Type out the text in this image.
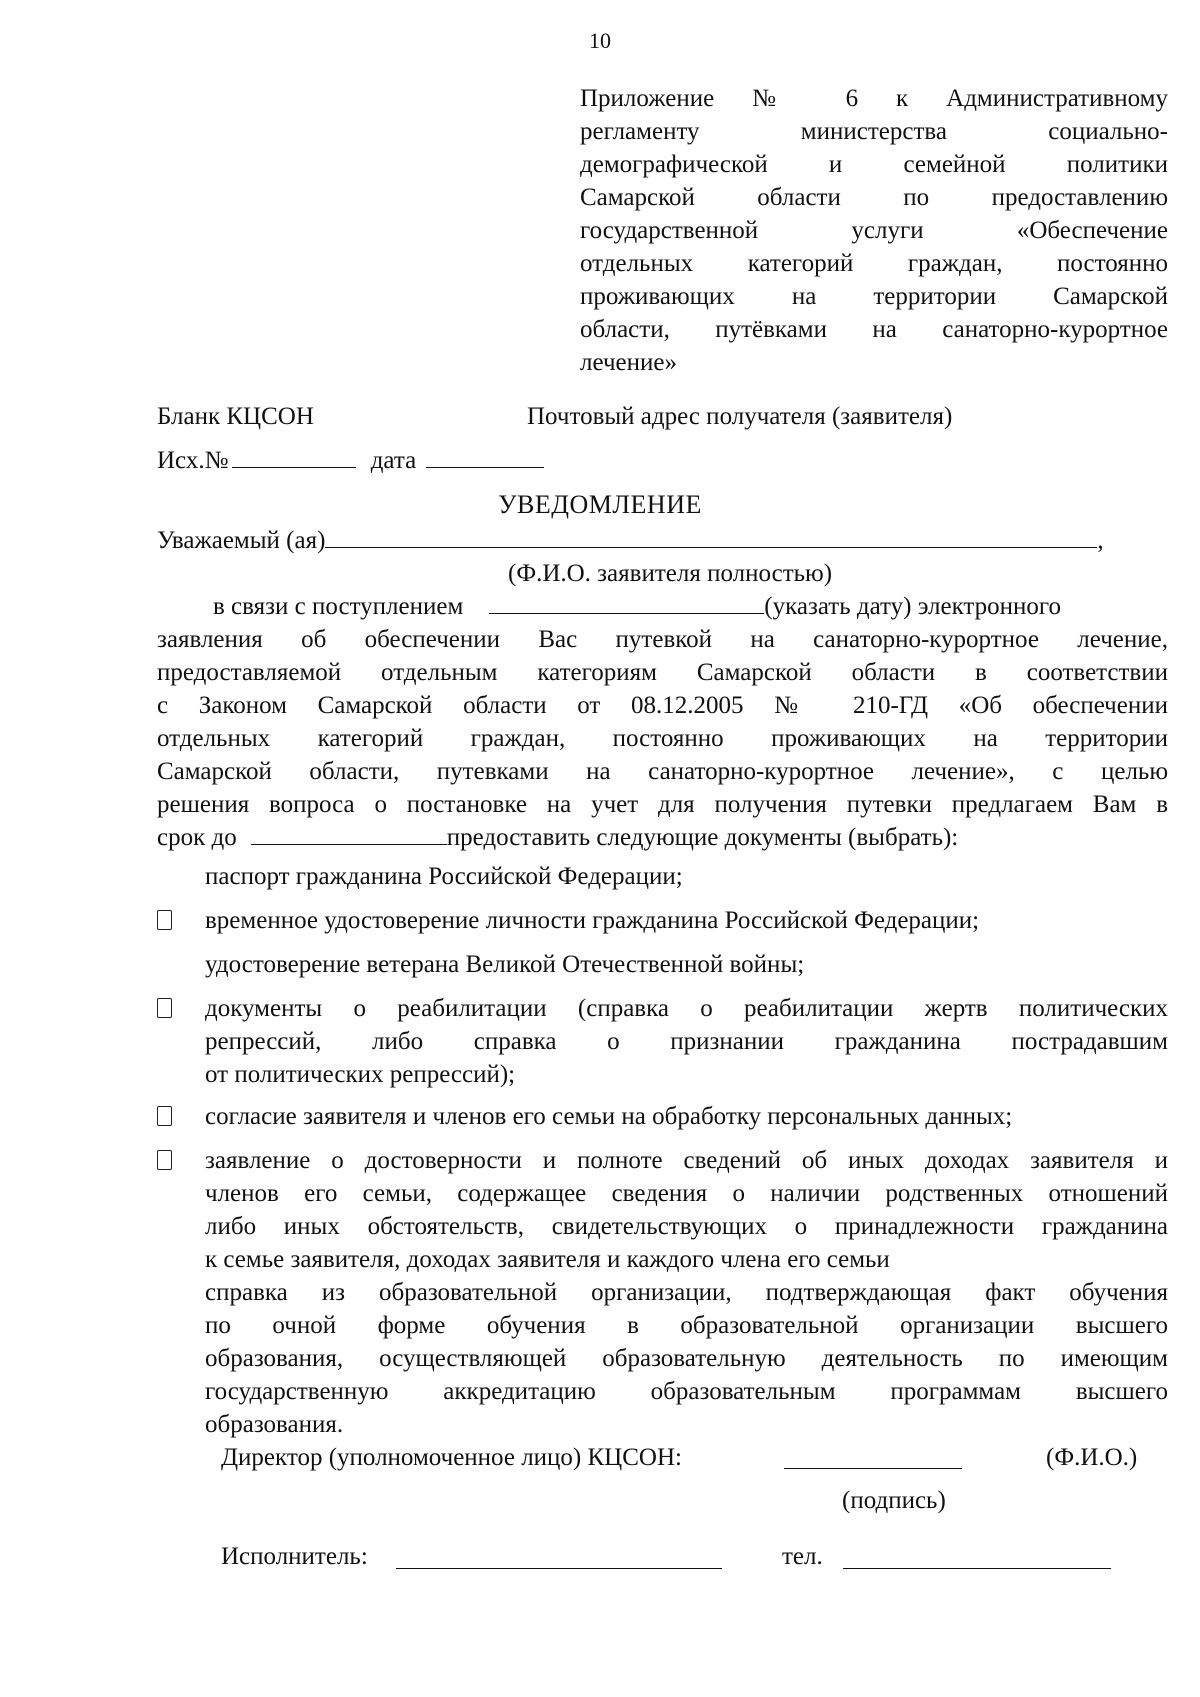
10
Приложение № 6 к Административному
регламенту министерства социально-
демографической и семейной политики
Самарской области по предоставлению
государственной услуги «Обеспечение
отдельных категорий граждан, постоянно
проживающих на территории Самарской
области, путёвками на санаторно-курортное
лечение»
Бланк КЦСОН	Почтовый адрес получателя (заявителя)
Исх.№	дата
УВЕДОМЛЕНИЕ
Уважаемый (ая)	,
(Ф.И.О. заявителя полностью)
в связи с поступлением	(указать дату) электронного
заявления об обеспечении Вас путевкой на санаторно-курортное лечение,
предоставляемой отдельным категориям Самарской области в соответствии
с Законом Самарской области от 08.12.2005 № 210-ГД «Об обеспечении
отдельных категорий граждан, постоянно проживающих на территории
Самарской области, путевками на санаторно-курортное лечение», с целью
решения вопроса о постановке на учет для получения путевки предлагаем Вам в
срок до	предоставить следующие документы (выбрать):
паспорт гражданина Российской Федерации;
временное удостоверение личности гражданина Российской Федерации;
удостоверение ветерана Великой Отечественной войны;
документы о реабилитации (справка о реабилитации жертв политических
репрессий, либо справка о признании гражданина пострадавшим
от политических репрессий);
согласие заявителя и членов его семьи на обработку персональных данных;
заявление о достоверности и полноте сведений об иных доходах заявителя и
членов его семьи, содержащее сведения о наличии родственных отношений
либо иных обстоятельств, свидетельствующих о принадлежности гражданина
к семье заявителя, доходах заявителя и каждого члена его семьи
справка из образовательной организации, подтверждающая факт обучения
по очной форме обучения в образовательной организации высшего
образования, осуществляющей образовательную деятельность по имеющим
государственную аккредитацию образовательным программам высшего
образования.
Директор (уполномоченное лицо) КЦСОН:	(Ф.И.О.)
(подпись)
Исполнитель:	тел.
